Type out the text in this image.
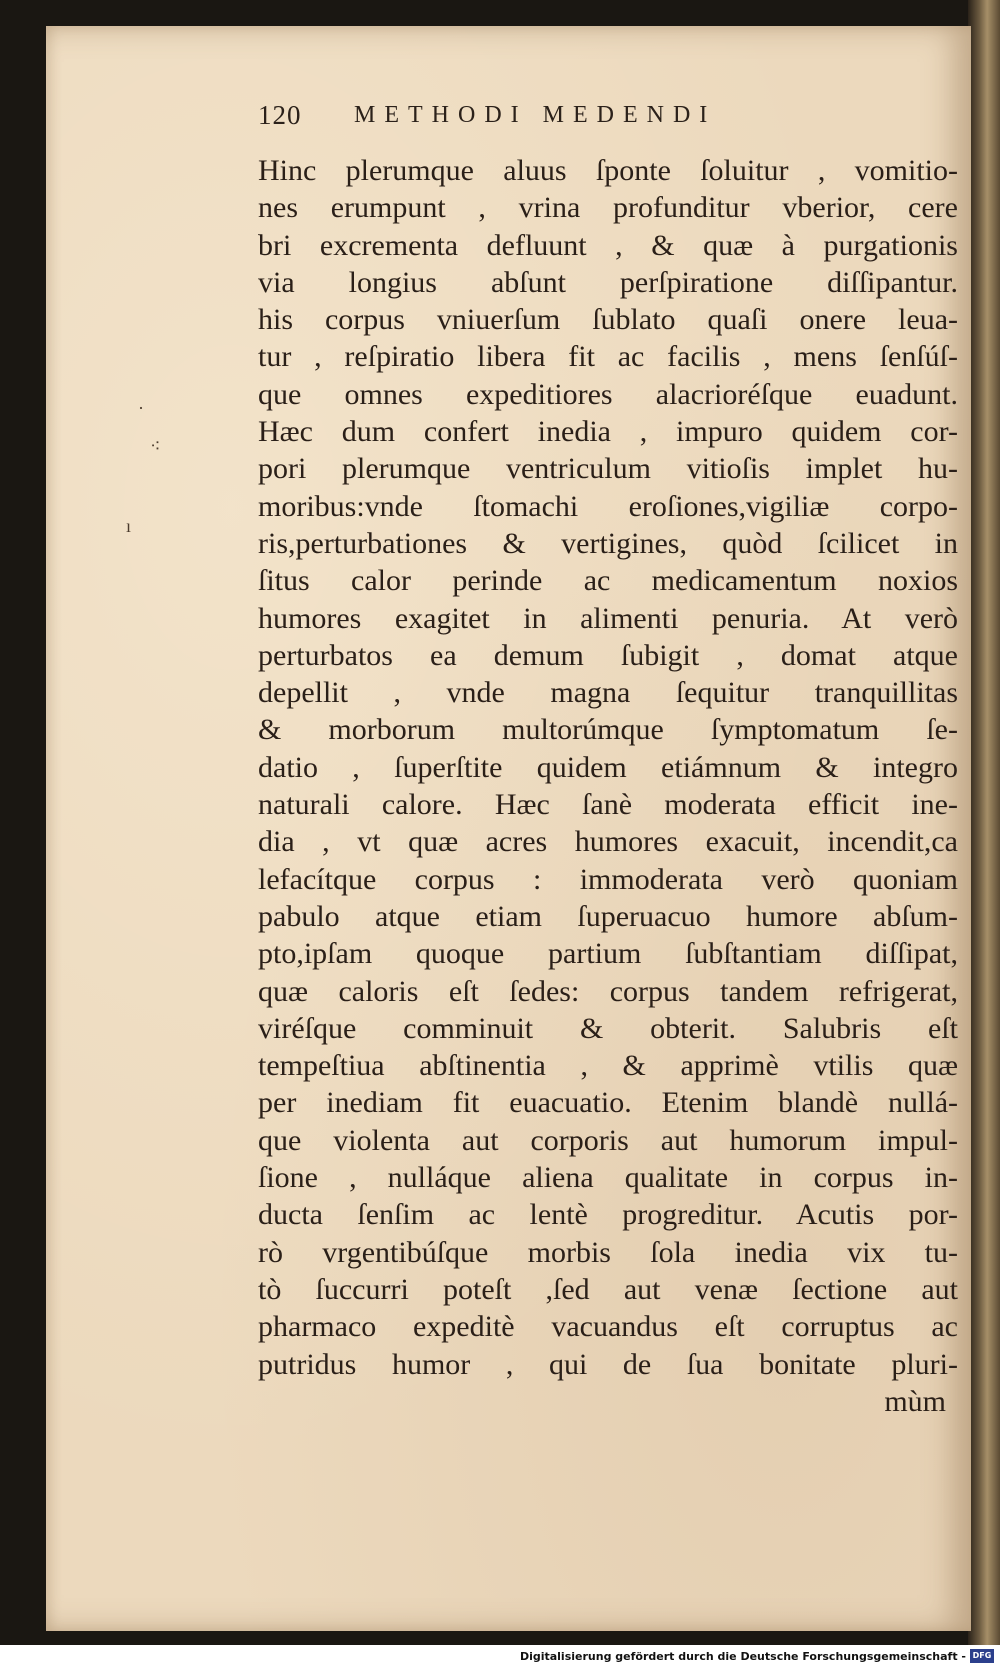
·
⁖
ı
120 METHODI MEDENDI
Hinc plerumque aluus ſponte ſoluitur , vomitio-
nes erumpunt , vrina profunditur vberior, cere
bri excrementa defluunt , & quæ à purgationis
via longius abſunt perſpiratione diſſipantur.
his corpus vniuerſum ſublato quaſi onere leua-
tur , reſpiratio libera fit ac facilis , mens ſenſúſ-
que omnes expeditiores alacrioréſque euadunt.
Hæc dum confert inedia , impuro quidem cor-
pori plerumque ventriculum vitioſis implet hu-
moribus:vnde ſtomachi eroſiones,vigiliæ corpo-
ris,perturbationes & vertigines, quòd ſcilicet in
ſitus calor perinde ac medicamentum noxios
humores exagitet in alimenti penuria. At verò
perturbatos ea demum ſubigit , domat atque
depellit , vnde magna ſequitur tranquillitas
& morborum multorúmque ſymptomatum ſe-
datio , ſuperſtite quidem etiámnum & integro
naturali calore. Hæc ſanè moderata efficit ine-
dia , vt quæ acres humores exacuit, incendit,ca
lefacítque corpus : immoderata verò quoniam
pabulo atque etiam ſuperuacuo humore abſum-
pto,ipſam quoque partium ſubſtantiam diſſipat,
quæ caloris eſt ſedes: corpus tandem refrigerat,
viréſque comminuit & obterit. Salubris eſt
tempeſtiua abſtinentia , & apprimè vtilis quæ
per inediam fit euacuatio. Etenim blandè nullá-
que violenta aut corporis aut humorum impul-
ſione , nulláque aliena qualitate in corpus in-
ducta ſenſim ac lentè progreditur. Acutis por-
rò vrgentibúſque morbis ſola inedia vix tu-
tò ſuccurri poteſt ,ſed aut venæ ſectione aut
pharmaco expeditè vacuandus eſt corruptus ac
putridus humor , qui de ſua bonitate pluri-
mùm
Digitalisierung gefördert durch die Deutsche Forschungsgemeinschaft - DFG
